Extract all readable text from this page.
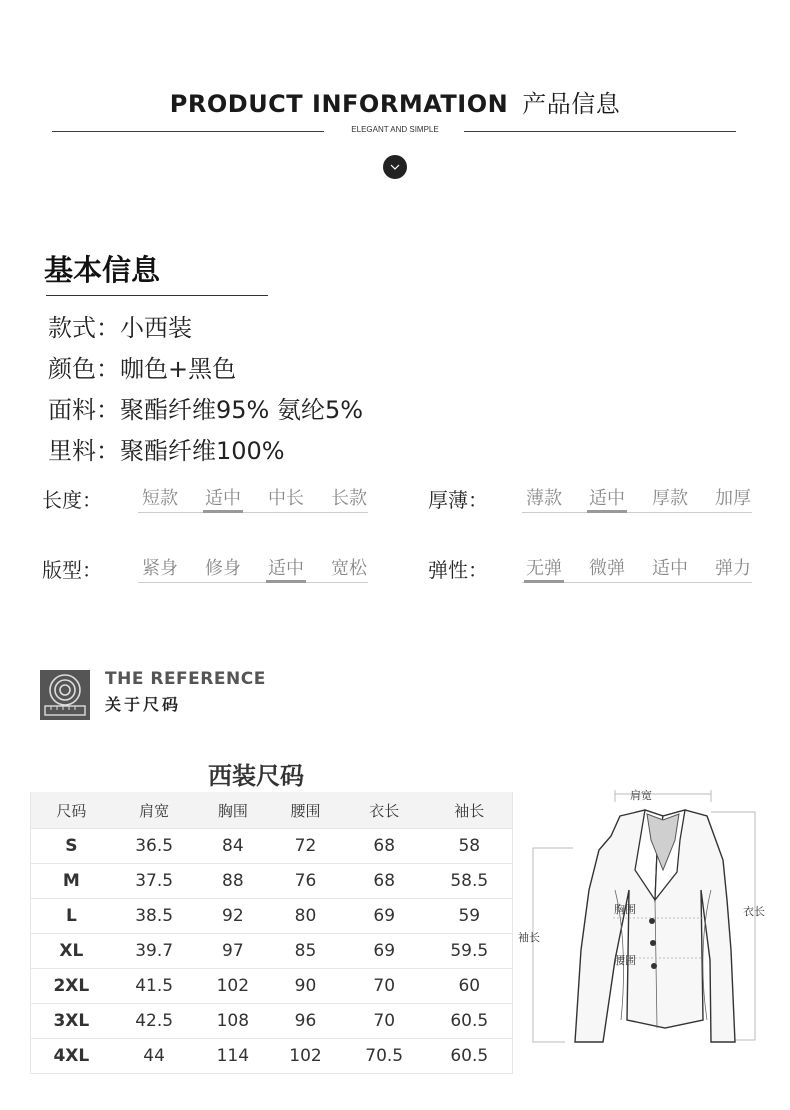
PRODUCT INFORMATION 产品信息
ELEGANT AND SIMPLE
基本信息
款式：小西装
颜色：咖色+黑色
面料：聚酯纤维95% 氨纶5%
里料：聚酯纤维100%
长度：	短款	适中	中长	长款	厚薄：	薄款	适中	厚款	加厚
版型：	紧身	修身	适中	宽松	弹性：	无弹	微弹	适中	弹力
THE REFERENCE
关于尺码
西装尺码
尺码	肩宽	胸围	腰围	衣长	袖长
S	36.5	84	72	68	58
M	37.5	88	76	68	58.5
L	38.5	92	80	69	59
XL	39.7	97	85	69	59.5
2XL	41.5	102	90	70	60
3XL	42.5	108	96	70	60.5
4XL	44	114	102	70.5	60.5
肩宽
胸围
腰围
衣长
袖长
